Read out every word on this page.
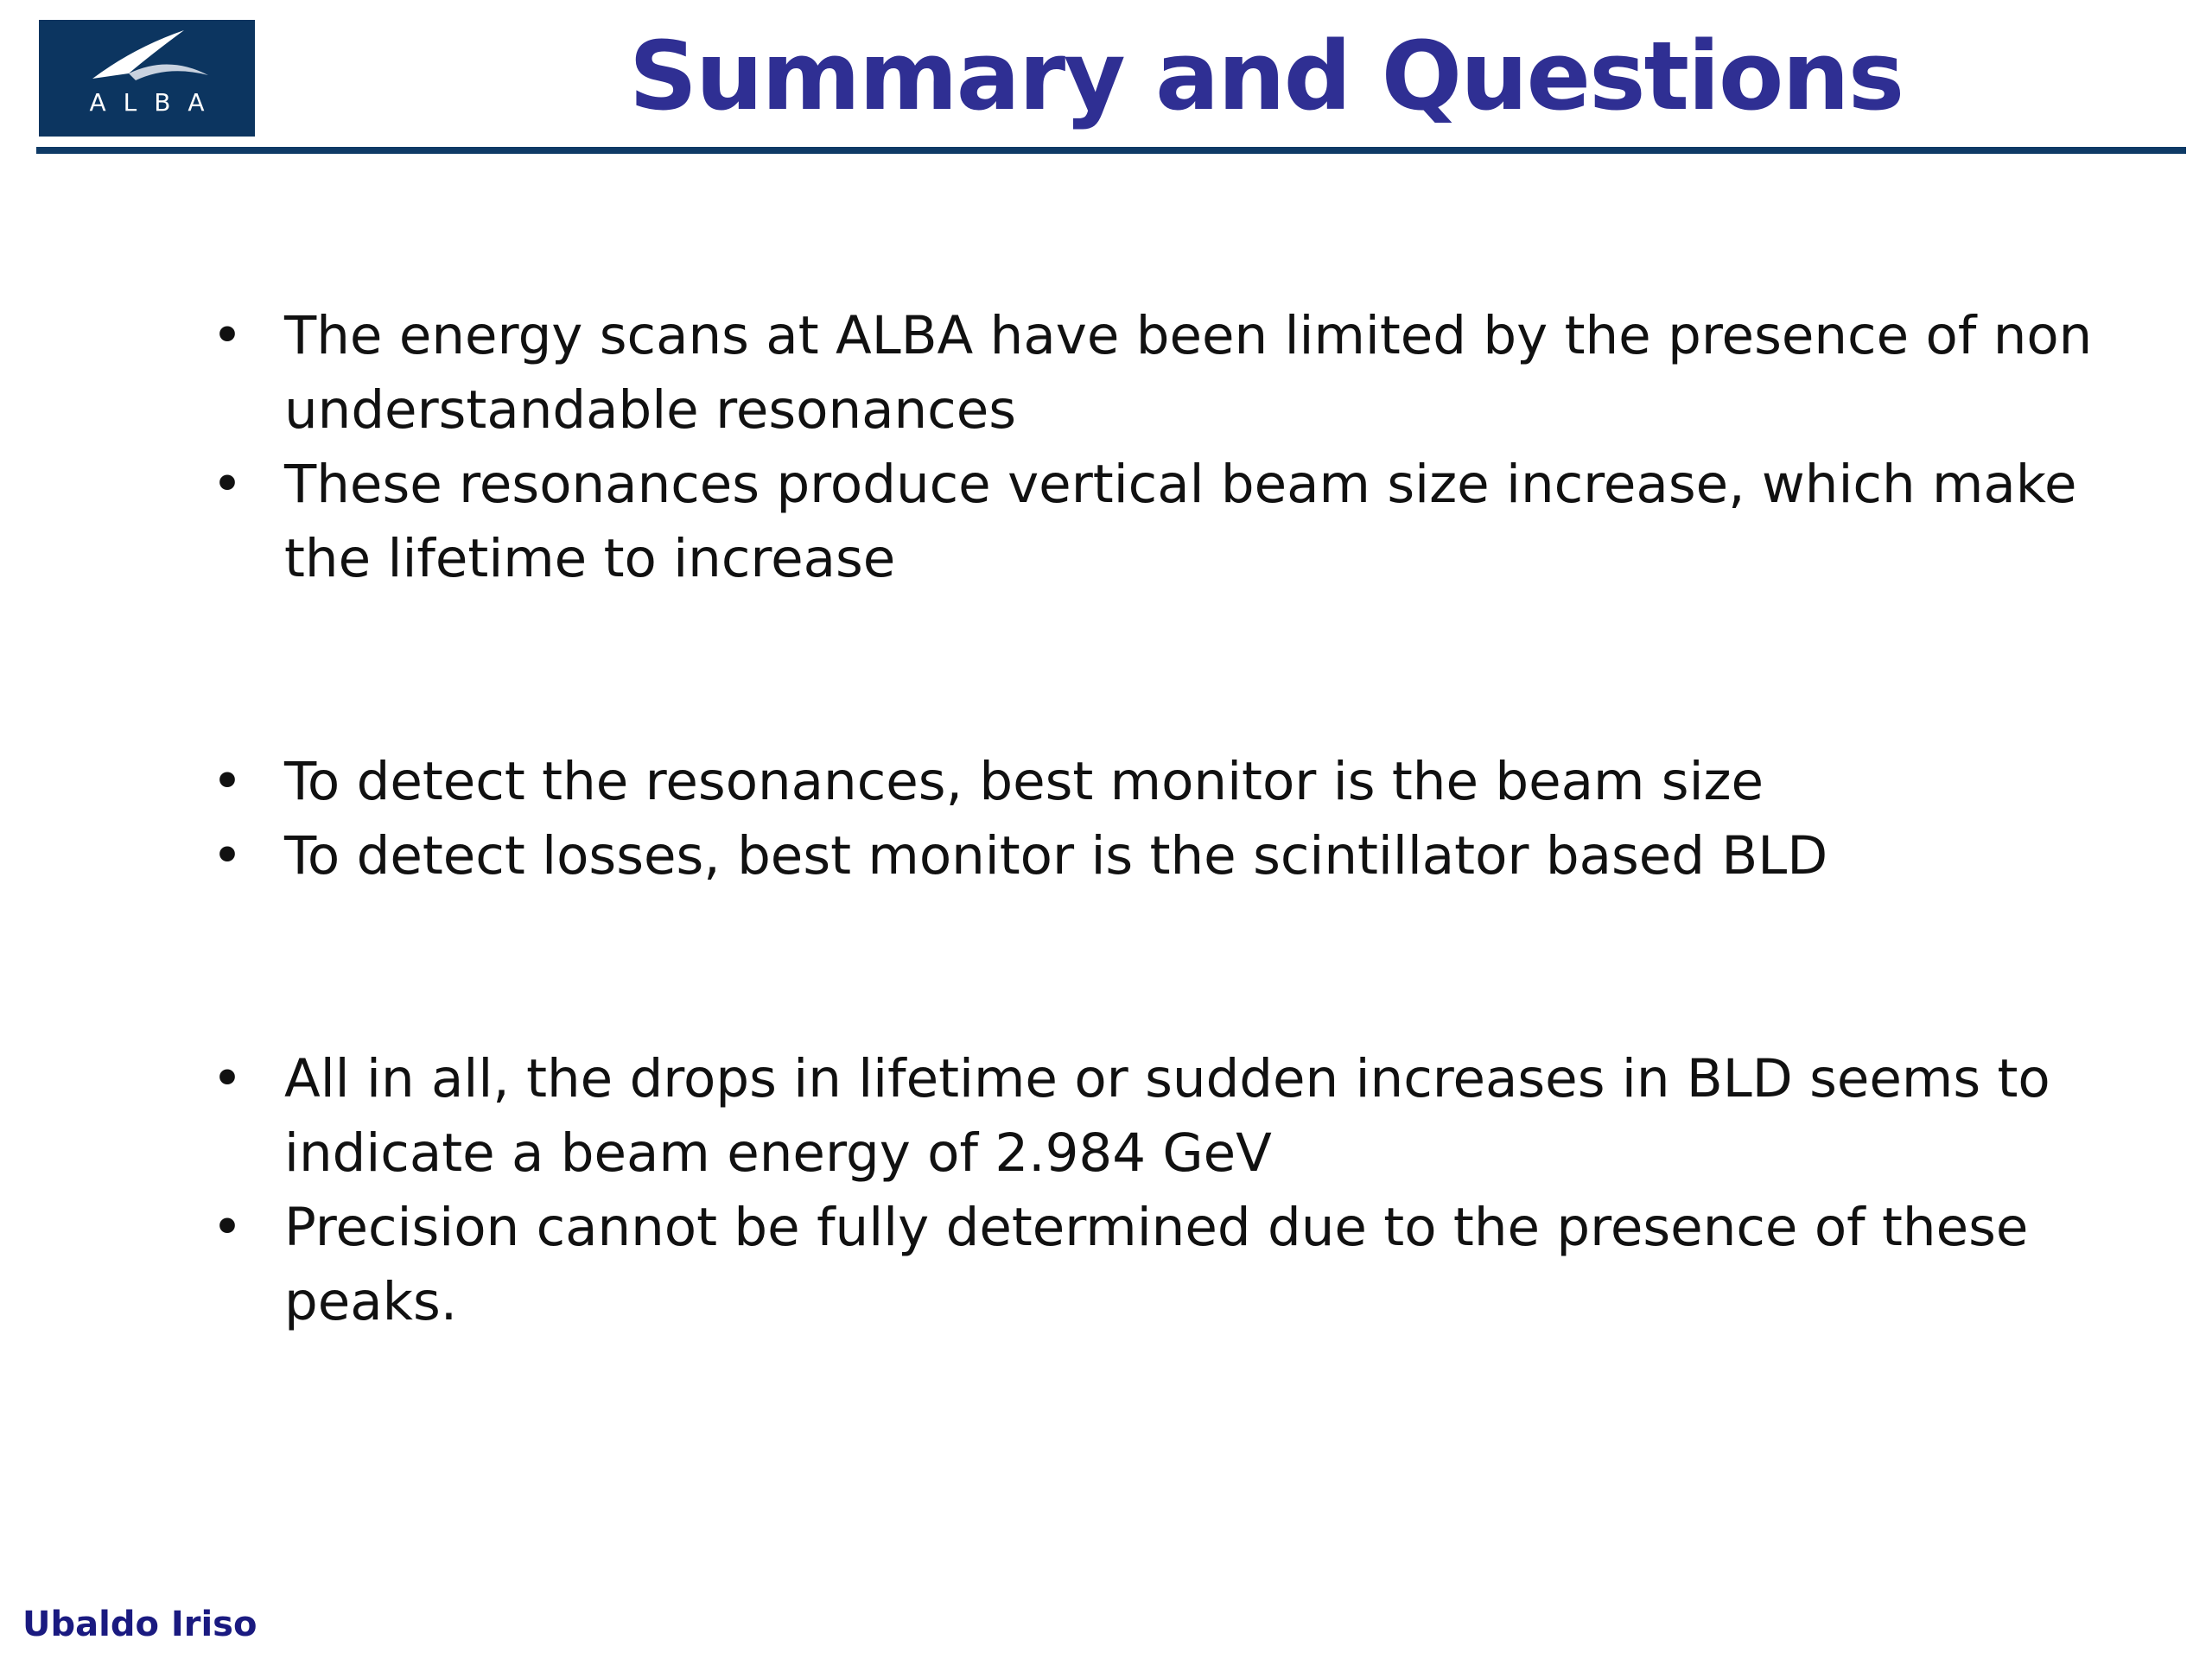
ALBA	Summary and Questions
• The energy scans at ALBA have been limited by the presence of non understandable resonances
• These resonances produce vertical beam size increase, which make the lifetime to increase
• To detect the resonances, best monitor is the beam size
• To detect losses, best monitor is the scintillator based BLD
• All in all, the drops in lifetime or sudden increases in BLD seems to indicate a beam energy of 2.984 GeV
• Precision cannot be fully determined due to the presence of these peaks.
Ubaldo Iriso
